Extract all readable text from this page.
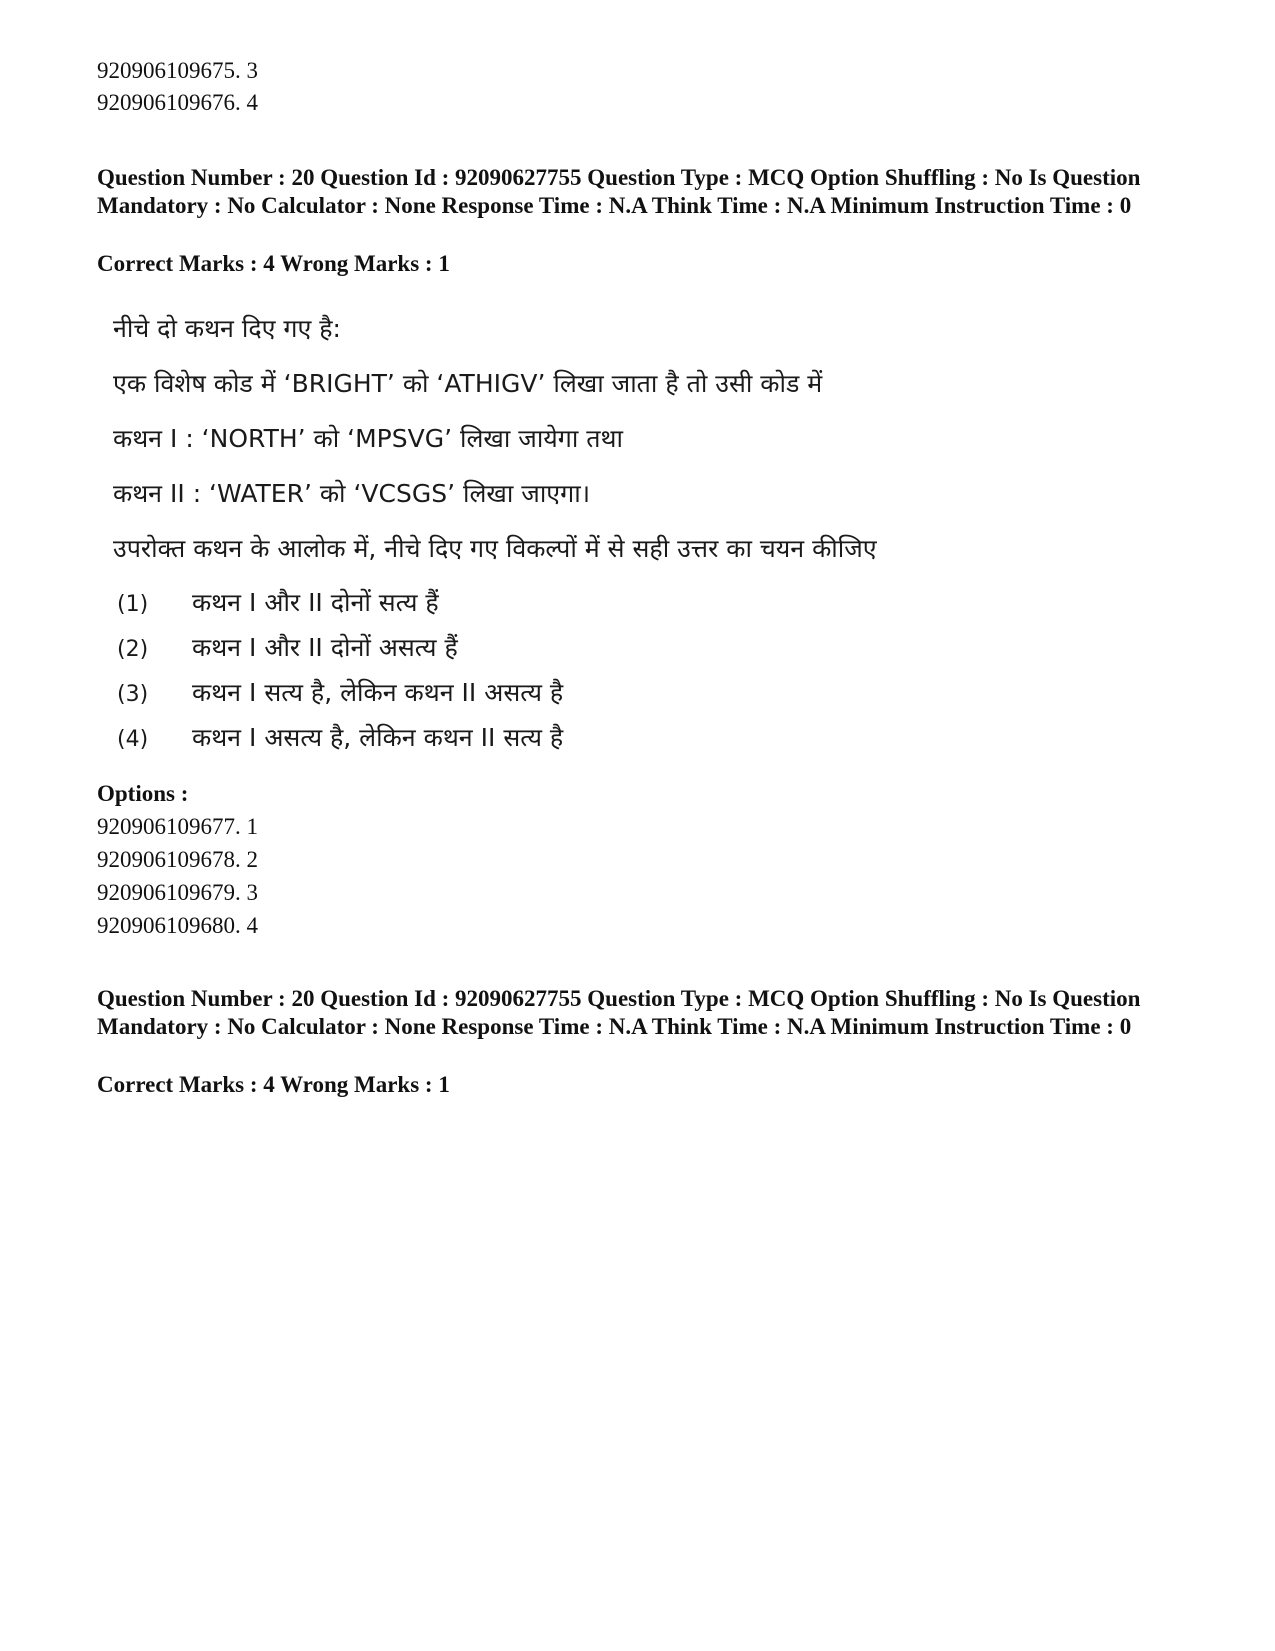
920906109675. 3
920906109676. 4
Question Number : 20 Question Id : 92090627755 Question Type : MCQ Option Shuffling : No Is Question Mandatory : No Calculator : None Response Time : N.A Think Time : N.A Minimum Instruction Time : 0
Correct Marks : 4 Wrong Marks : 1
नीचे दो कथन दिए गए है:
एक विशेष कोड में ‘BRIGHT’ को ‘ATHIGV’ लिखा जाता है तो उसी कोड में
कथन I : ‘NORTH’ को ‘MPSVG’ लिखा जायेगा तथा
कथन II : ‘WATER’ को ‘VCSGS’ लिखा जाएगा।
उपरोक्त कथन के आलोक में, नीचे दिए गए विकल्पों में से सही उत्तर का चयन कीजिए
(1) कथन I और II दोनों सत्य हैं
(2) कथन I और II दोनों असत्य हैं
(3) कथन I सत्य है, लेकिन कथन II असत्य है
(4) कथन I असत्य है, लेकिन कथन II सत्य है
Options :
920906109677. 1
920906109678. 2
920906109679. 3
920906109680. 4
Question Number : 20 Question Id : 92090627755 Question Type : MCQ Option Shuffling : No Is Question Mandatory : No Calculator : None Response Time : N.A Think Time : N.A Minimum Instruction Time : 0
Correct Marks : 4 Wrong Marks : 1
